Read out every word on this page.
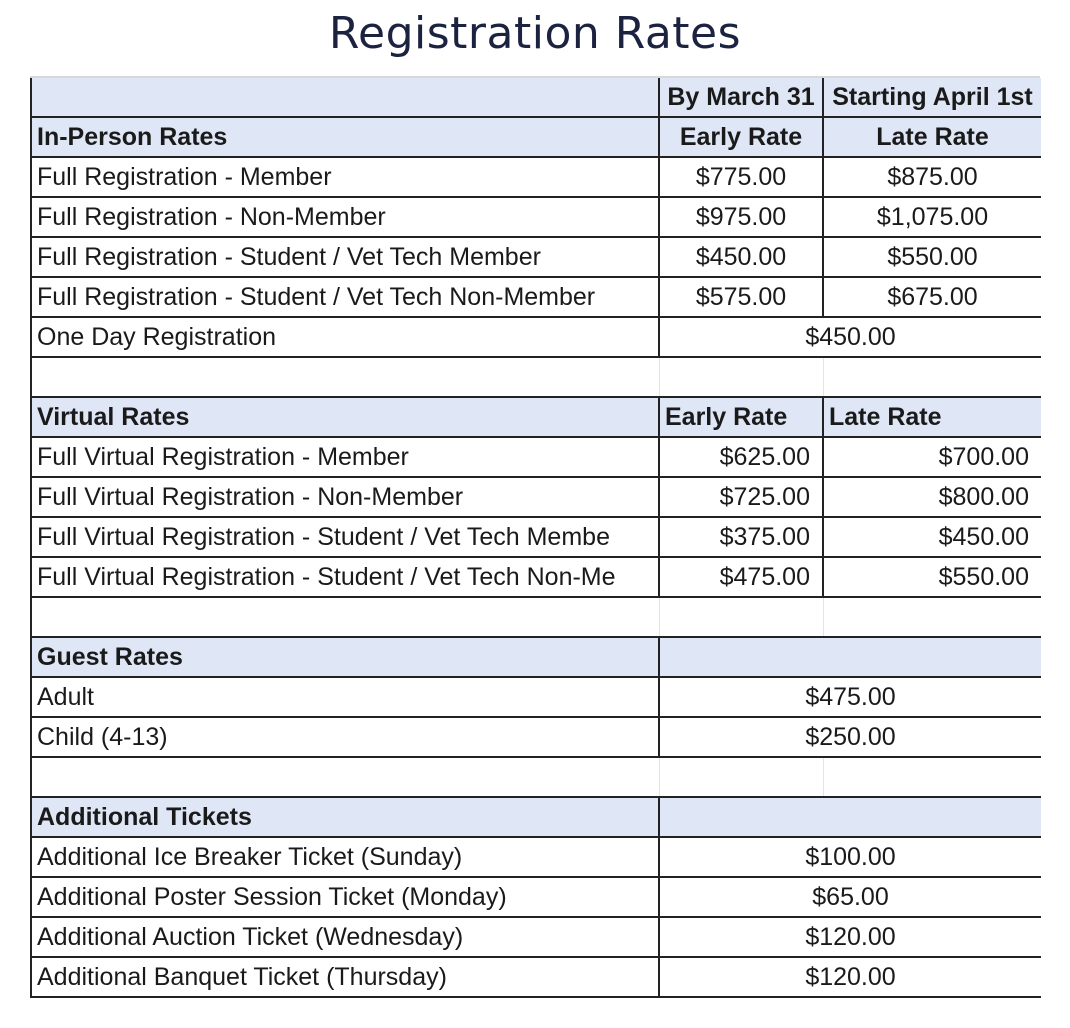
Registration Rates
	By March 31	Starting April 1st
In-Person Rates	Early Rate	Late Rate
Full Registration - Member	$775.00	$875.00
Full Registration - Non-Member	$975.00	$1,075.00
Full Registration - Student / Vet Tech Member	$450.00	$550.00
Full Registration - Student / Vet Tech Non-Member	$575.00	$675.00
One Day Registration	$450.00	

Virtual Rates	Early Rate	Late Rate
Full Virtual Registration - Member	$625.00	$700.00
Full Virtual Registration - Non-Member	$725.00	$800.00
Full Virtual Registration - Student / Vet Tech Membe	$375.00	$450.00
Full Virtual Registration - Student / Vet Tech Non-Me	$475.00	$550.00

Guest Rates		
Adult	$475.00	
Child (4-13)	$250.00	

Additional Tickets		
Additional Ice Breaker Ticket (Sunday)	$100.00	
Additional Poster Session Ticket (Monday)	$65.00	
Additional Auction Ticket (Wednesday)	$120.00	
Additional Banquet Ticket (Thursday)	$120.00	
